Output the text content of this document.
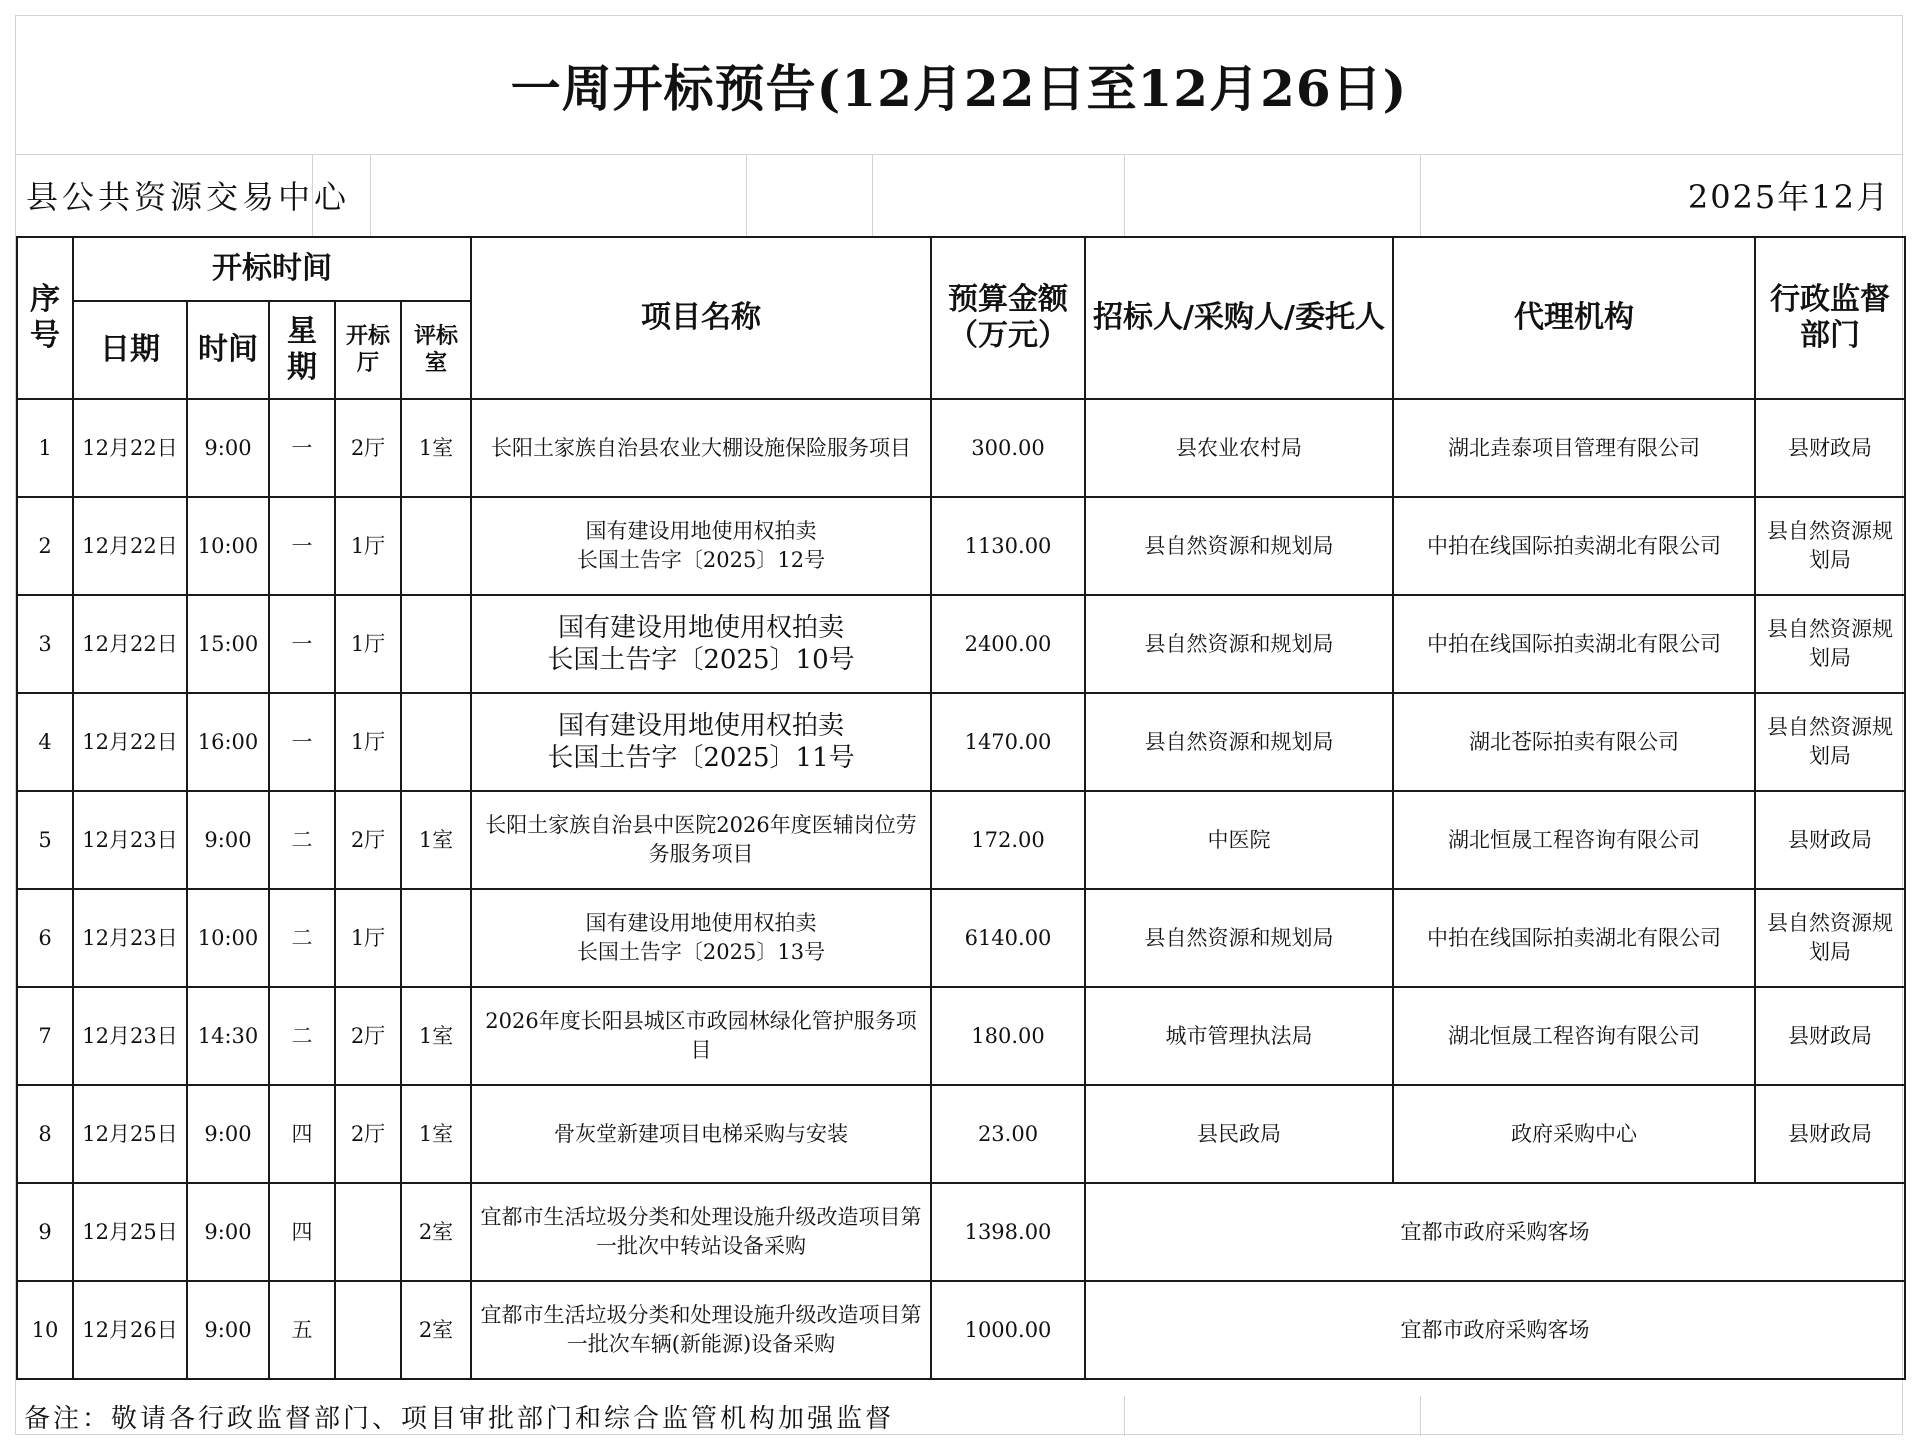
一周开标预告(12月22日至12月26日)
县公共资源交易中心	2025年12月
序号	开标时间					项目名称	预算金额（万元）	招标人/采购人/委托人	代理机构	行政监督部门
	日期	时间	星期	开标厅	评标室					
1	12月22日	9:00	一	2厅	1室	长阳土家族自治县农业大棚设施保险服务项目	300.00	县农业农村局	湖北垚泰项目管理有限公司	县财政局
2	12月22日	10:00	一	1厅		国有建设用地使用权拍卖
长国土告字〔2025〕12号	1130.00	县自然资源和规划局	中拍在线国际拍卖湖北有限公司	县自然资源规划局
3	12月22日	15:00	一	1厅		国有建设用地使用权拍卖
长国土告字〔2025〕10号	2400.00	县自然资源和规划局	中拍在线国际拍卖湖北有限公司	县自然资源规划局
4	12月22日	16:00	一	1厅		国有建设用地使用权拍卖
长国土告字〔2025〕11号	1470.00	县自然资源和规划局	湖北苍际拍卖有限公司	县自然资源规划局
5	12月23日	9:00	二	2厅	1室	长阳土家族自治县中医院2026年度医辅岗位劳务服务项目	172.00	中医院	湖北恒晟工程咨询有限公司	县财政局
6	12月23日	10:00	二	1厅		国有建设用地使用权拍卖
长国土告字〔2025〕13号	6140.00	县自然资源和规划局	中拍在线国际拍卖湖北有限公司	县自然资源规划局
7	12月23日	14:30	二	2厅	1室	2026年度长阳县城区市政园林绿化管护服务项目	180.00	城市管理执法局	湖北恒晟工程咨询有限公司	县财政局
8	12月25日	9:00	四	2厅	1室	骨灰堂新建项目电梯采购与安装	23.00	县民政局	政府采购中心	县财政局
9	12月25日	9:00	四		2室	宜都市生活垃圾分类和处理设施升级改造项目第一批次中转站设备采购	1398.00	宜都市政府采购客场		
10	12月26日	9:00	五		2室	宜都市生活垃圾分类和处理设施升级改造项目第一批次车辆(新能源)设备采购	1000.00	宜都市政府采购客场		
备注：敬请各行政监督部门、项目审批部门和综合监管机构加强监督
